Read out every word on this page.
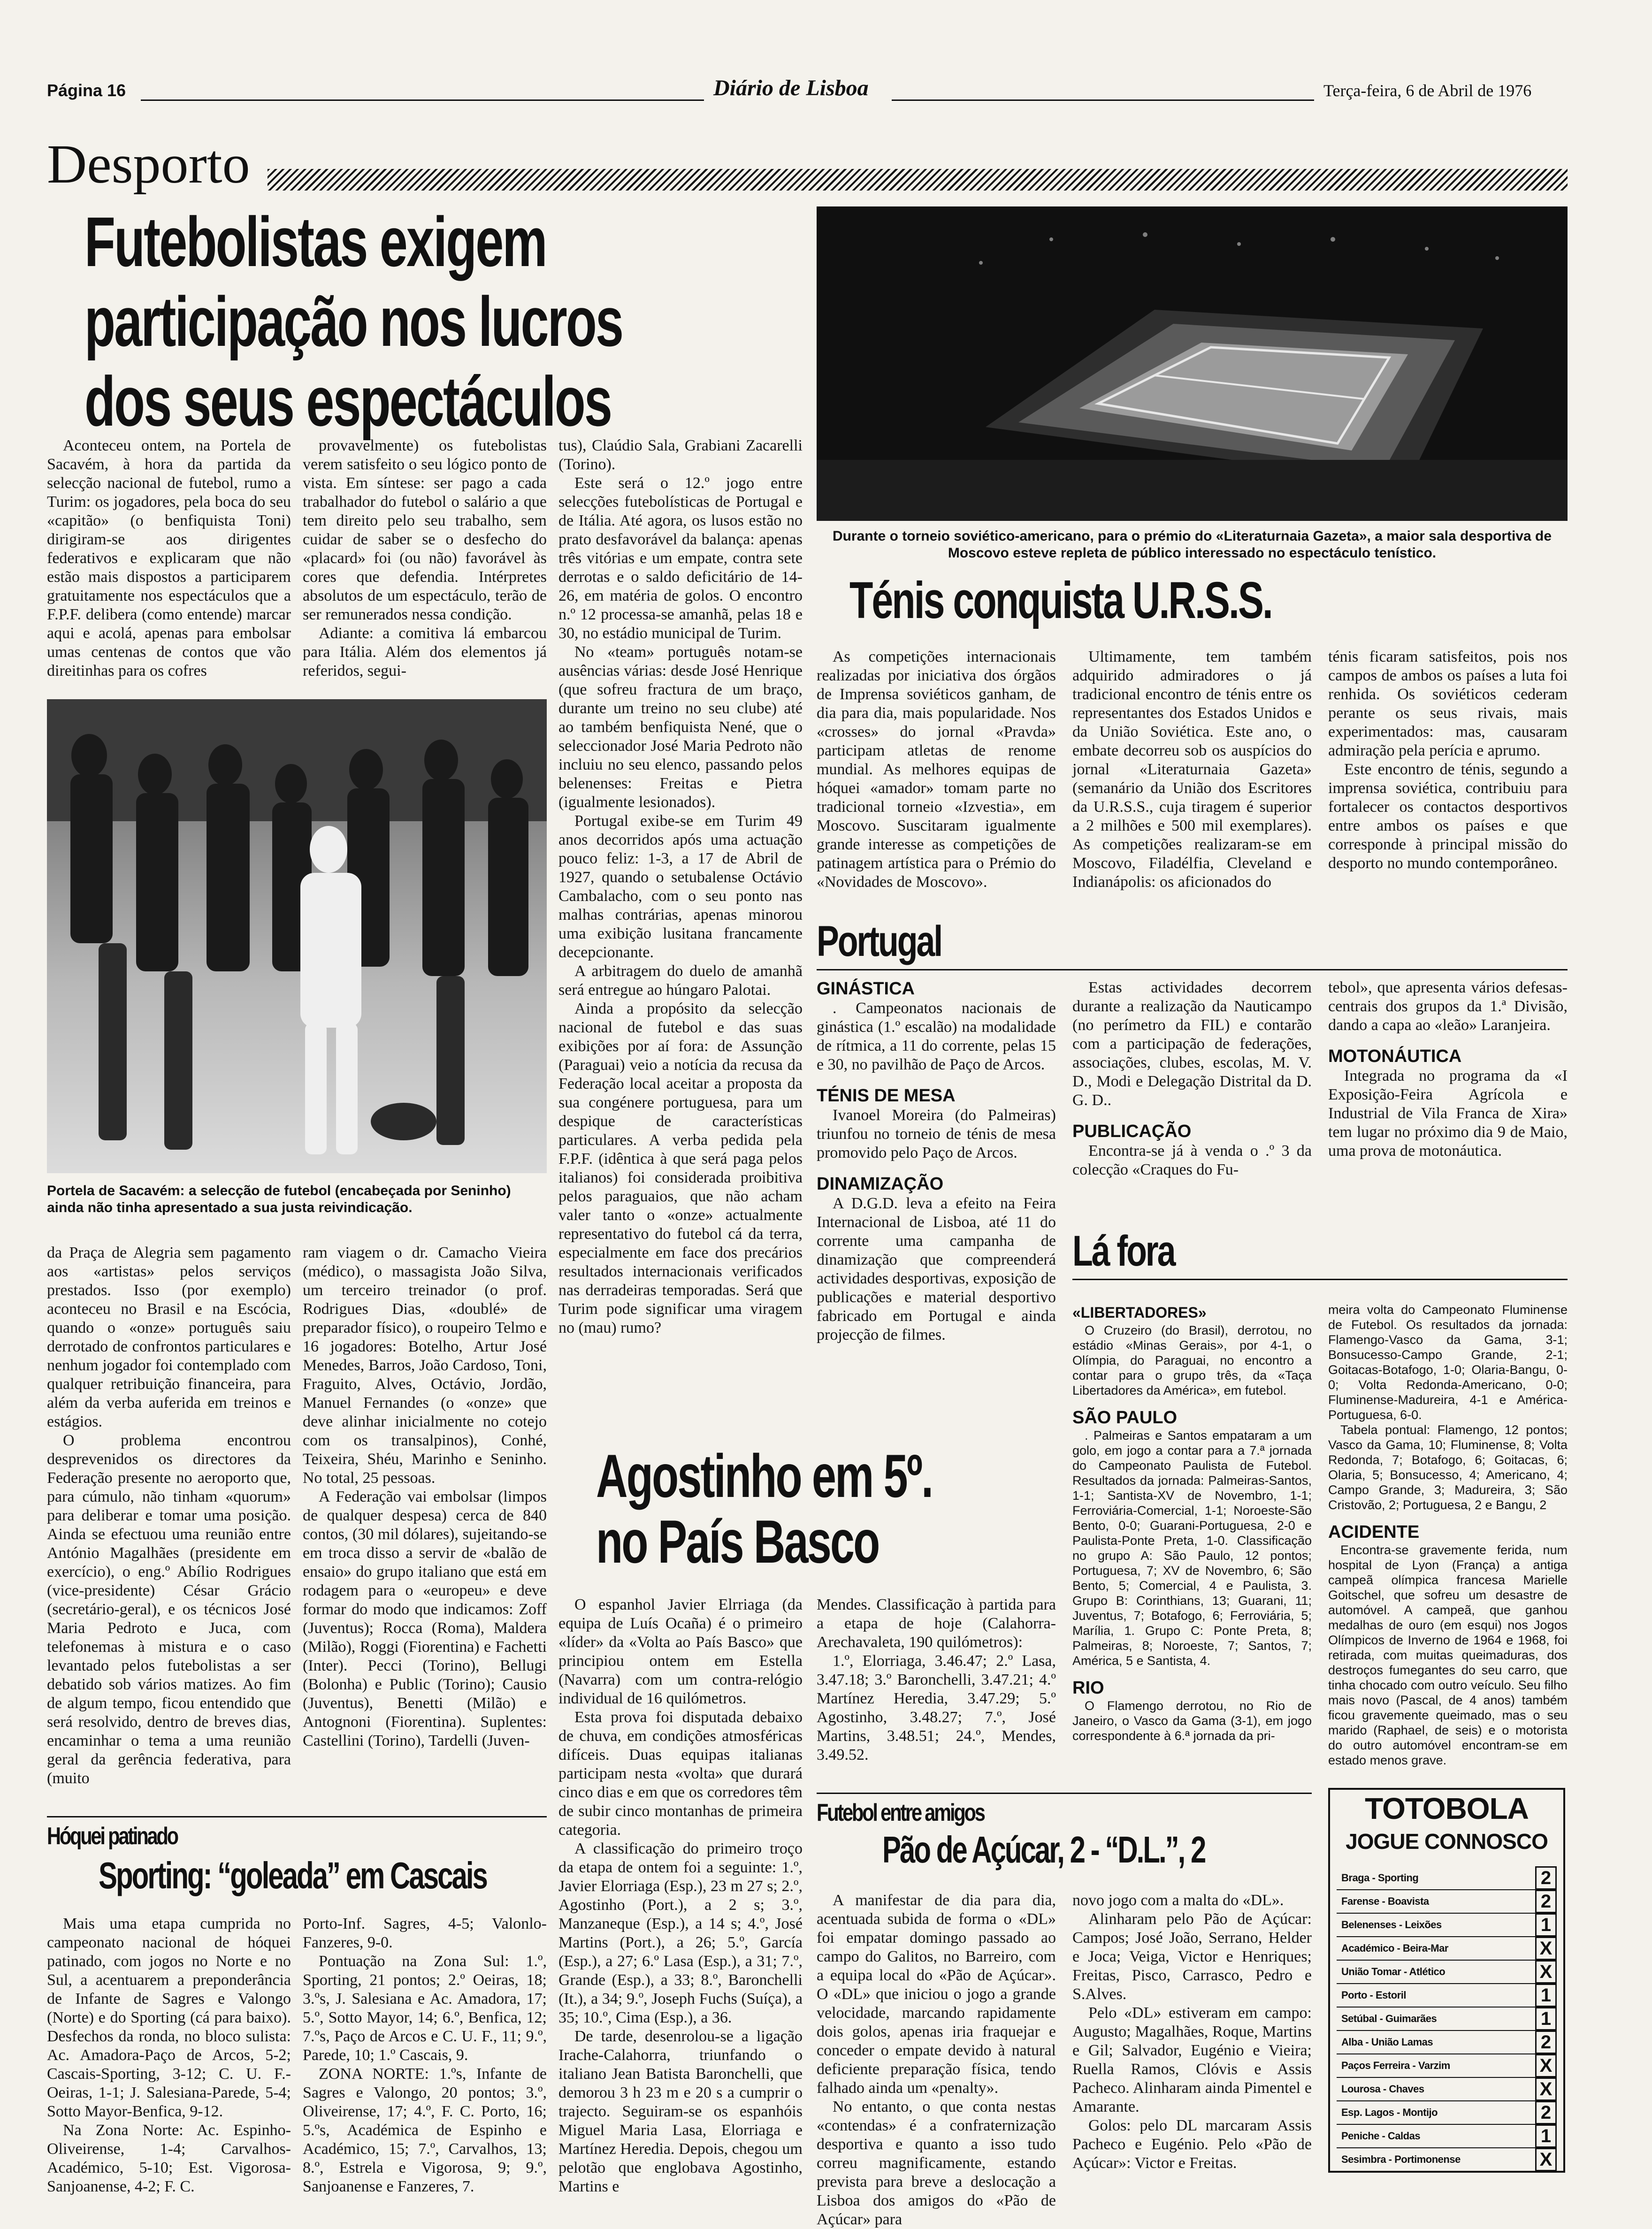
Página 16	Diário de Lisboa	Terça-feira, 6 de Abril de 1976
Desporto
Futebolistas exigem
participação nos lucros
dos seus espectáculos

Aconteceu ontem, na Portela de Sacavém, à hora da partida da selecção nacional de futebol, rumo a Turim: os jogadores, pela boca do seu «capitão» (o benfiquista Toni) dirigiram-se aos dirigentes federativos e explicaram que não estão mais dispostos a participarem gratuitamente nos espectáculos que a F.P.F. delibera (como entende) marcar aqui e acolá, apenas para embolsar umas centenas de contos que vão direitinhas para os cofres

provavelmente) os futebolistas verem satisfeito o seu lógico ponto de vista. Em síntese: ser pago a cada trabalhador do futebol o salário a que tem direito pelo seu trabalho, sem cuidar de saber se o desfecho do «placard» foi (ou não) favorável às cores que defendia. Intérpretes absolutos de um espectáculo, terão de ser remunerados nessa condição.

Adiante: a comitiva lá embarcou para Itália. Além dos elementos já referidos, segui-

Portela de Sacavém: a selecção de futebol (encabeçada por Seninho) ainda não tinha apresentado a sua justa reivindicação.

tus), Claúdio Sala, Grabiani Zacarelli (Torino).

Este será o 12.º jogo entre selecções futebolísticas de Portugal e de Itália. Até agora, os lusos estão no prato desfavorável da balança: apenas três vitórias e um empate, contra sete derrotas e o saldo deficitário de 14-26, em matéria de golos. O encontro n.º 12 processa-se amanhã, pelas 18 e 30, no estádio municipal de Turim.

No «team» português notam-se ausências várias: desde José Henrique (que sofreu fractura de um braço, durante um treino no seu clube) até ao também benfiquista Nené, que o seleccionador José Maria Pedroto não incluiu no seu elenco, passando pelos belenenses: Freitas e Pietra (igualmente lesionados).

Portugal exibe-se em Turim 49 anos decorridos após uma actuação pouco feliz: 1-3, a 17 de Abril de 1927, quando o setubalense Octávio Cambalacho, com o seu ponto nas malhas contrárias, apenas minorou uma exibição lusitana francamente decepcionante.

A arbitragem do duelo de amanhã será entregue ao húngaro Palotai.

Ainda a propósito da selecção nacional de futebol e das suas exibições por aí fora: de Assunção (Paraguai) veio a notícia da recusa da Federação local aceitar a proposta da sua congénere portuguesa, para um despique de características particulares. A verba pedida pela F.P.F. (idêntica à que será paga pelos italianos) foi considerada proibitiva pelos paraguaios, que não acham valer tanto o «onze» actualmente representativo do futebol cá da terra, especialmente em face dos precários resultados internacionais verificados nas derradeiras temporadas. Será que Turim pode significar uma viragem no (mau) rumo?

da Praça de Alegria sem pagamento aos «artistas» pelos serviços prestados. Isso (por exemplo) aconteceu no Brasil e na Escócia, quando o «onze» português saiu derrotado de confrontos particulares e nenhum jogador foi contemplado com qualquer retribuição financeira, para além da verba auferida em treinos e estágios.

O problema encontrou desprevenidos os directores da Federação presente no aeroporto que, para cúmulo, não tinham «quorum» para deliberar e tomar uma posição. Ainda se efectuou uma reunião entre António Magalhães (presidente em exercício), o eng.º Abílio Rodrigues (vice-presidente) César Grácio (secretário-geral), e os técnicos José Maria Pedroto e Juca, com telefonemas à mistura e o caso levantado pelos futebolistas a ser debatido sob vários matizes. Ao fim de algum tempo, ficou entendido que será resolvido, dentro de breves dias, encaminhar o tema a uma reunião geral da gerência federativa, para (muito

ram viagem o dr. Camacho Vieira (médico), o massagista João Silva, um terceiro treinador (o prof. Rodrigues Dias, «doublé» de preparador físico), o roupeiro Telmo e 16 jogadores: Botelho, Artur José Menedes, Barros, João Cardoso, Toni, Fraguito, Alves, Octávio, Jordão, Manuel Fernandes (o «onze» que deve alinhar inicialmente no cotejo com os transalpinos), Conhé, Teixeira, Shéu, Marinho e Seninho. No total, 25 pessoas.

A Federação vai embolsar (limpos de qualquer despesa) cerca de 840 contos, (30 mil dólares), sujeitando-se em troca disso a servir de «balão de ensaio» do grupo italiano que está em rodagem para o «europeu» e deve formar do modo que indicamos: Zoff (Juventus); Rocca (Roma), Maldera (Milão), Roggi (Fiorentina) e Fachetti (Inter). Pecci (Torino), Bellugi (Bolonha) e Public (Torino); Causio (Juventus), Benetti (Milão) e Antognoni (Fiorentina). Suplentes: Castellini (Torino), Tardelli (Juven-

Durante o torneio soviético-americano, para o prémio do «Literaturnaia Gazeta», a maior sala desportiva de Moscovo esteve repleta de público interessado no espectáculo tenístico.
Ténis conquista U.R.S.S.

As competições internacionais realizadas por iniciativa dos órgãos de Imprensa soviéticos ganham, de dia para dia, mais popularidade. Nos «crosses» do jornal «Pravda» participam atletas de renome mundial. As melhores equipas de hóquei «amador» tomam parte no tradicional torneio «Izvestia», em Moscovo. Suscitaram igualmente grande interesse as competições de patinagem artística para o Prémio do «Novidades de Moscovo».

Ultimamente, tem também adquirido admiradores o já tradicional encontro de ténis entre os representantes dos Estados Unidos e da União Soviética. Este ano, o embate decorreu sob os auspícios do jornal «Literaturnaia Gazeta» (semanário da União dos Escritores da U.R.S.S., cuja tiragem é superior a 2 milhões e 500 mil exemplares). As competições realizaram-se em Moscovo, Filadélfia, Cleveland e Indianápolis: os aficionados do

ténis ficaram satisfeitos, pois nos campos de ambos os países a luta foi renhida. Os soviéticos cederam perante os seus rivais, mais experimentados: mas, causaram admiração pela perícia e aprumo.

Este encontro de ténis, segundo a imprensa soviética, contribuiu para fortalecer os contactos desportivos entre ambos os países e que corresponde à principal missão do desporto no mundo contemporâneo.

Portugal
GINÁSTICA

. Campeonatos nacionais de ginástica (1.º escalão) na modalidade de rítmica, a 11 do corrente, pelas 15 e 30, no pavilhão de Paço de Arcos.

TÉNIS DE MESA

Ivanoel Moreira (do Palmeiras) triunfou no torneio de ténis de mesa promovido pelo Paço de Arcos.

DINAMIZAÇÃO

A D.G.D. leva a efeito na Feira Internacional de Lisboa, até 11 do corrente uma campanha de dinamização que compreenderá actividades desportivas, exposição de publicações e material desportivo fabricado em Portugal e ainda projecção de filmes.

Estas actividades decorrem durante a realização da Nauticampo (no perímetro da FIL) e contarão com a participação de federações, associações, clubes, escolas, M. V. D., Modi e Delegação Distrital da D. G. D..

PUBLICAÇÃO

Encontra-se já à venda o .º 3 da colecção «Craques do Fu-

tebol», que apresenta vários defesas-centrais dos grupos da 1.ª Divisão, dando a capa ao «leão» Laranjeira.

MOTONÁUTICA

Integrada no programa da «I Exposição-Feira Agrícola e Industrial de Vila Franca de Xira» tem lugar no próximo dia 9 de Maio, uma prova de motonáutica.

Lá fora
«LIBERTADORES»

O Cruzeiro (do Brasil), derrotou, no estádio «Minas Gerais», por 4-1, o Olímpia, do Paraguai, no encontro a contar para o grupo três, da «Taça Libertadores da América», em futebol.

SÃO PAULO

. Palmeiras e Santos empataram a um golo, em jogo a contar para a 7.ª jornada do Campeonato Paulista de Futebol. Resultados da jornada: Palmeiras-Santos, 1-1; Santista-XV de Novembro, 1-1; Ferroviária-Comercial, 1-1; Noroeste-São Bento, 0-0; Guarani-Portuguesa, 2-0 e Paulista-Ponte Preta, 1-0. Classificação no grupo A: São Paulo, 12 pontos; Portuguesa, 7; XV de Novembro, 6; São Bento, 5; Comercial, 4 e Paulista, 3. Grupo B: Corinthians, 13; Guarani, 11; Juventus, 7; Botafogo, 6; Ferroviária, 5; Marília, 1. Grupo C: Ponte Preta, 8; Palmeiras, 8; Noroeste, 7; Santos, 7; América, 5 e Santista, 4.

RIO

O Flamengo derrotou, no Rio de Janeiro, o Vasco da Gama (3-1), em jogo correspondente à 6.ª jornada da pri-

meira volta do Campeonato Fluminense de Futebol. Os resultados da jornada: Flamengo-Vasco da Gama, 3-1; Bonsucesso-Campo Grande, 2-1; Goitacas-Botafogo, 1-0; Olaria-Bangu, 0-0; Volta Redonda-Americano, 0-0; Fluminense-Madureira, 4-1 e América-Portuguesa, 6-0.

Tabela pontual: Flamengo, 12 pontos; Vasco da Gama, 10; Fluminense, 8; Volta Redonda, 7; Botafogo, 6; Goitacas, 6; Olaria, 5; Bonsucesso, 4; Americano, 4; Campo Grande, 3; Madureira, 3; São Cristovão, 2; Portuguesa, 2 e Bangu, 2

ACIDENTE

Encontra-se gravemente ferida, num hospital de Lyon (França) a antiga campeã olímpica francesa Marielle Goitschel, que sofreu um desastre de automóvel. A campeã, que ganhou medalhas de ouro (em esqui) nos Jogos Olímpicos de Inverno de 1964 e 1968, foi retirada, com muitas queimaduras, dos destroços fumegantes do seu carro, que tinha chocado com outro veículo. Seu filho mais novo (Pascal, de 4 anos) também ficou gravemente queimado, mas o seu marido (Raphael, de seis) e o motorista do outro automóvel encontram-se em estado menos grave.

Agostinho em 5º.
no País Basco

O espanhol Javier Elrriaga (da equipa de Luís Ocaña) é o primeiro «líder» da «Volta ao País Basco» que principiou ontem em Estella (Navarra) com um contra-relógio individual de 16 quilómetros.

Esta prova foi disputada debaixo de chuva, em condições atmosféricas difíceis. Duas equipas italianas participam nesta «volta» que durará cinco dias e em que os corredores têm de subir cinco montanhas de primeira categoria.

A classificação do primeiro troço da etapa de ontem foi a seguinte: 1.º, Javier Elorriaga (Esp.), 23 m 27 s; 2.º, Agostinho (Port.), a 2 s; 3.º, Manzaneque (Esp.), a 14 s; 4.º, José Martins (Port.), a 26; 5.º, García (Esp.), a 27; 6.º Lasa (Esp.), a 31; 7.º, Grande (Esp.), a 33; 8.º, Baronchelli (It.), a 34; 9.º, Joseph Fuchs (Suíça), a 35; 10.º, Cima (Esp.), a 36.

De tarde, desenrolou-se a ligação Irache-Calahorra, triunfando o italiano Jean Batista Baronchelli, que demorou 3 h 23 m e 20 s a cumprir o trajecto. Seguiram-se os espanhóis Miguel Maria Lasa, Elorriaga e Martínez Heredia. Depois, chegou um pelotão que englobava Agostinho, Martins e

Mendes. Classificação à partida para a etapa de hoje (Calahorra-Arechavaleta, 190 quilómetros):

1.º, Elorriaga, 3.46.47; 2.º Lasa, 3.47.18; 3.º Baronchelli, 3.47.21; 4.º Martínez Heredia, 3.47.29; 5.º Agostinho, 3.48.27; 7.º, José Martins, 3.48.51; 24.º, Mendes, 3.49.52.

Hóquei patinado
Sporting: “goleada” em Cascais

Mais uma etapa cumprida no campeonato nacional de hóquei patinado, com jogos no Norte e no Sul, a acentuarem a preponderância de Infante de Sagres e Valongo (Norte) e do Sporting (cá para baixo). Desfechos da ronda, no bloco sulista: Ac. Amadora-Paço de Arcos, 5-2; Cascais-Sporting, 3-12; C. U. F.-Oeiras, 1-1; J. Salesiana-Parede, 5-4; Sotto Mayor-Benfica, 9-12.

Na Zona Norte: Ac. Espinho-Oliveirense, 1-4; Carvalhos-Académico, 5-10; Est. Vigorosa-Sanjoanense, 4-2; F. C.

Porto-Inf. Sagres, 4-5; Valonlo-Fanzeres, 9-0.

Pontuação na Zona Sul: 1.º, Sporting, 21 pontos; 2.º Oeiras, 18; 3.ºs, J. Salesiana e Ac. Amadora, 17; 5.º, Sotto Mayor, 14; 6.º, Benfica, 12; 7.ºs, Paço de Arcos e C. U. F., 11; 9.º, Parede, 10; 1.º Cascais, 9.

ZONA NORTE: 1.ºs, Infante de Sagres e Valongo, 20 pontos; 3.º, Oliveirense, 17; 4.º, F. C. Porto, 16; 5.ºs, Académica de Espinho e Académico, 15; 7.º, Carvalhos, 13; 8.º, Estrela e Vigorosa, 9; 9.º, Sanjoanense e Fanzeres, 7.

Futebol entre amigos
Pão de Açúcar, 2 - “D.L.”, 2

A manifestar de dia para dia, acentuada subida de forma o «DL» foi empatar domingo passado ao campo do Galitos, no Barreiro, com a equipa local do «Pão de Açúcar». O «DL» que iniciou o jogo a grande velocidade, marcando rapidamente dois golos, apenas iria fraquejar e conceder o empate devido à natural deficiente preparação física, tendo falhado ainda um «penalty».

No entanto, o que conta nestas «contendas» é a confraternização desportiva e quanto a isso tudo correu magnificamente, estando prevista para breve a deslocação a Lisboa dos amigos do «Pão de Açúcar» para

novo jogo com a malta do «DL».

Alinharam pelo Pão de Açúcar: Campos; José João, Serrano, Helder e Joca; Veiga, Victor e Henriques; Freitas, Pisco, Carrasco, Pedro e S.Alves.

Pelo «DL» estiveram em campo: Augusto; Magalhães, Roque, Martins e Gil; Salvador, Eugénio e Vieira; Ruella Ramos, Clóvis e Assis Pacheco. Alinharam ainda Pimentel e Amarante.

Golos: pelo DL marcaram Assis Pacheco e Eugénio. Pelo «Pão de Açúcar»: Victor e Freitas.

TOTOBOLA
JOGUE CONNOSCO
Braga - Sporting	2
Farense - Boavista	2
Belenenses - Leixões	1
Académico - Beira-Mar	X
União Tomar - Atlético	X
Porto - Estoril	1
Setúbal - Guimarães	1
Alba - União Lamas	2
Paços Ferreira - Varzim	X
Lourosa - Chaves	X
Esp. Lagos - Montijo	2
Peniche - Caldas	1
Sesimbra - Portimonense	X
